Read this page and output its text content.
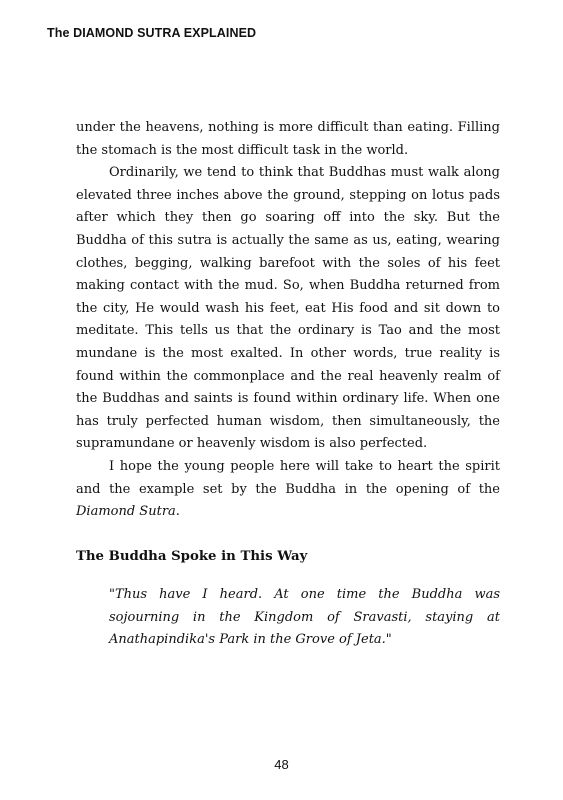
The DIAMOND SUTRA EXPLAINED

under the heavens, nothing is more difficult than eating. Filling the stomach is the most difficult task in the world.

Ordinarily, we tend to think that Buddhas must walk along elevated three inches above the ground, stepping on lotus pads after which they then go soaring off into the sky. But the Buddha of this sutra is actually the same as us, eating, wearing clothes, begging, walking barefoot with the soles of his feet making contact with the mud. So, when Buddha returned from the city, He would wash his feet, eat His food and sit down to meditate. This tells us that the ordinary is Tao and the most mundane is the most exalted. In other words, true reality is found within the commonplace and the real heavenly realm of the Buddhas and saints is found within ordinary life. When one has truly perfected human wisdom, then simultaneously, the supramundane or heavenly wisdom is also perfected.

I hope the young people here will take to heart the spirit and the example set by the Buddha in the opening of the Diamond Sutra.

The Buddha Spoke in This Way

"Thus have I heard. At one time the Buddha was sojourning in the Kingdom of Sravasti, staying at Anathapindika's Park in the Grove of Jeta."

48
